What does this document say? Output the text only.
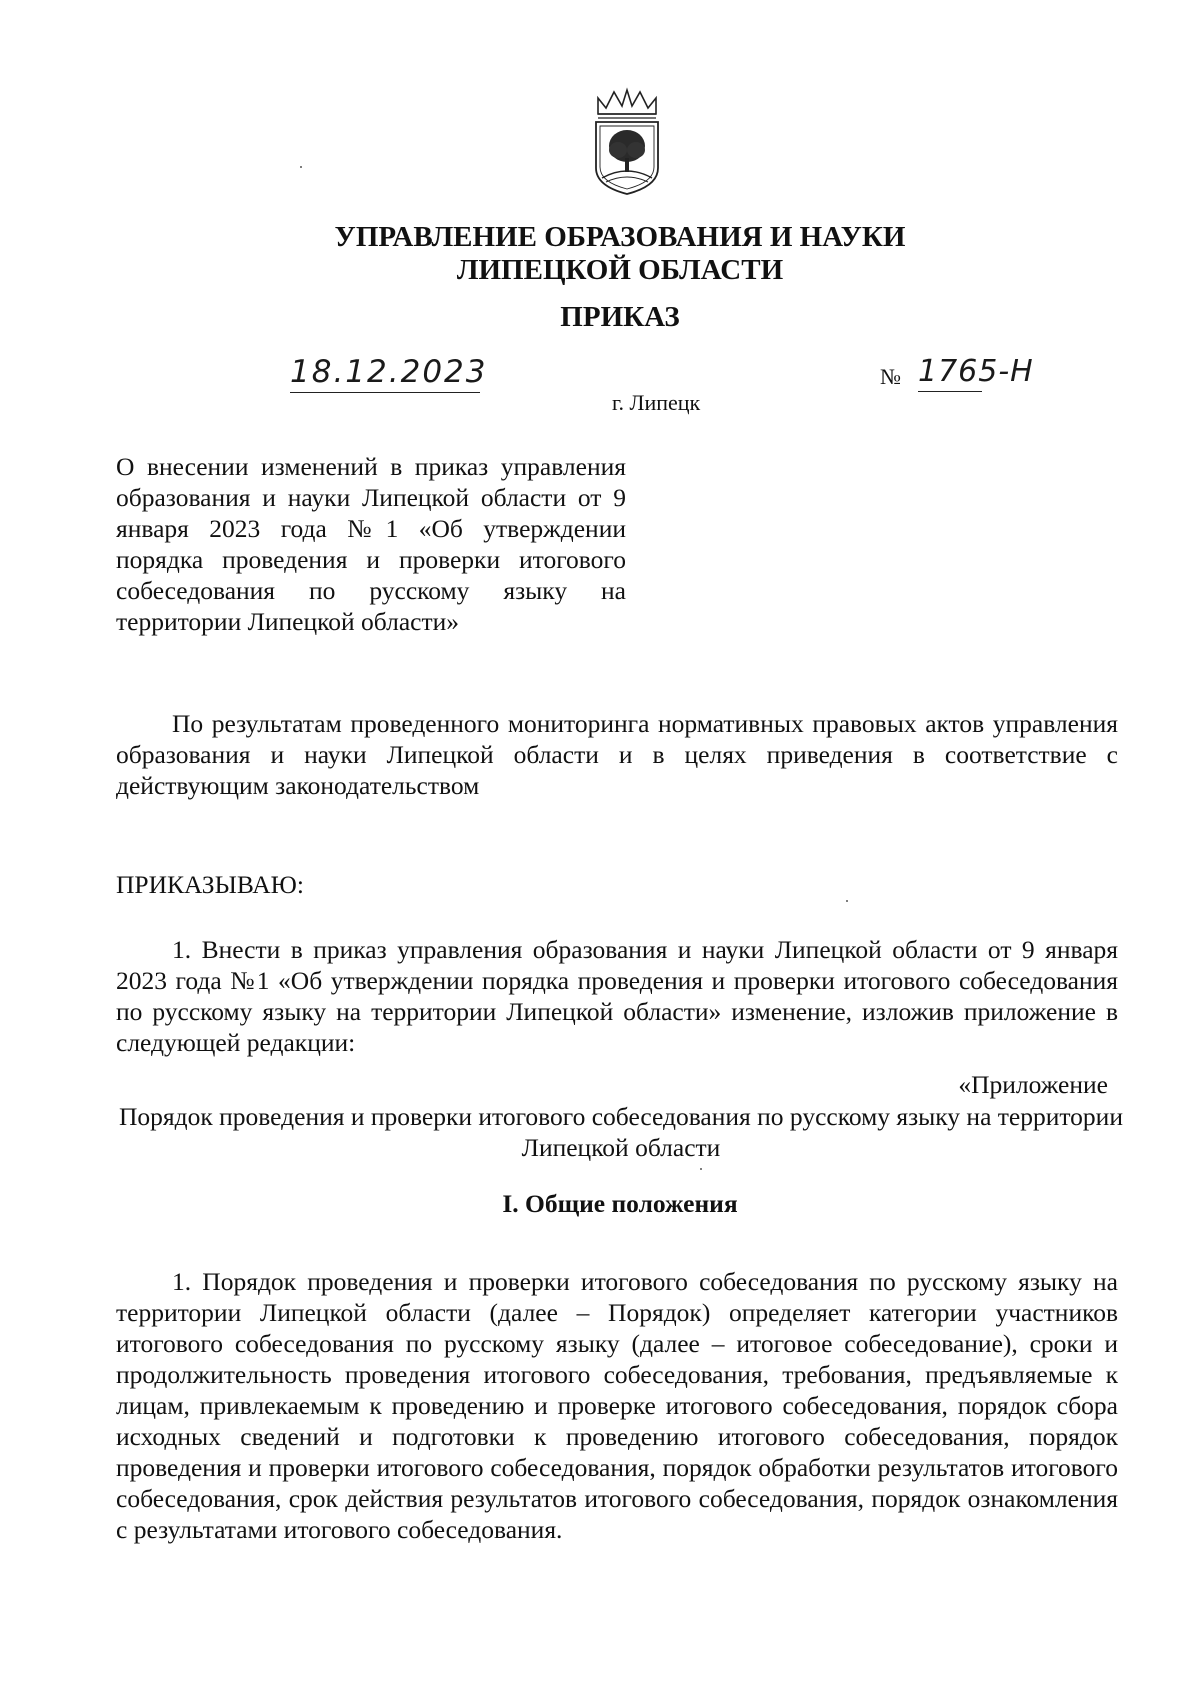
УПРАВЛЕНИЕ ОБРАЗОВАНИЯ И НАУКИ
ЛИПЕЦКОЙ ОБЛАСТИ
ПРИКАЗ
18.12.2023
г. Липецк
№ 1765-Н
О внесении изменений в приказ управления образования и науки Липецкой области от 9 января 2023 года №1 «Об утверждении порядка проведения и проверки итогового собеседования по русскому языку на территории Липецкой области»
По результатам проведенного мониторинга нормативных правовых актов управления образования и науки Липецкой области и в целях приведения в соответствие с действующим законодательством
ПРИКАЗЫВАЮ:
1. Внести в приказ управления образования и науки Липецкой области от 9 января 2023 года №1 «Об утверждении порядка проведения и проверки итогового собеседования по русскому языку на территории Липецкой области» изменение, изложив приложение в следующей редакции:
«Приложение
Порядок проведения и проверки итогового собеседования по русскому языку на территории Липецкой области
I. Общие положения
1. Порядок проведения и проверки итогового собеседования по русскому языку на территории Липецкой области (далее – Порядок) определяет категории участников итогового собеседования по русскому языку (далее – итоговое собеседование), сроки и продолжительность проведения итогового собеседования, требования, предъявляемые к лицам, привлекаемым к проведению и проверке итогового собеседования, порядок сбора исходных сведений и подготовки к проведению итогового собеседования, порядок проведения и проверки итогового собеседования, порядок обработки результатов итогового собеседования, срок действия результатов итогового собеседования, порядок ознакомления с результатами итогового собеседования.
